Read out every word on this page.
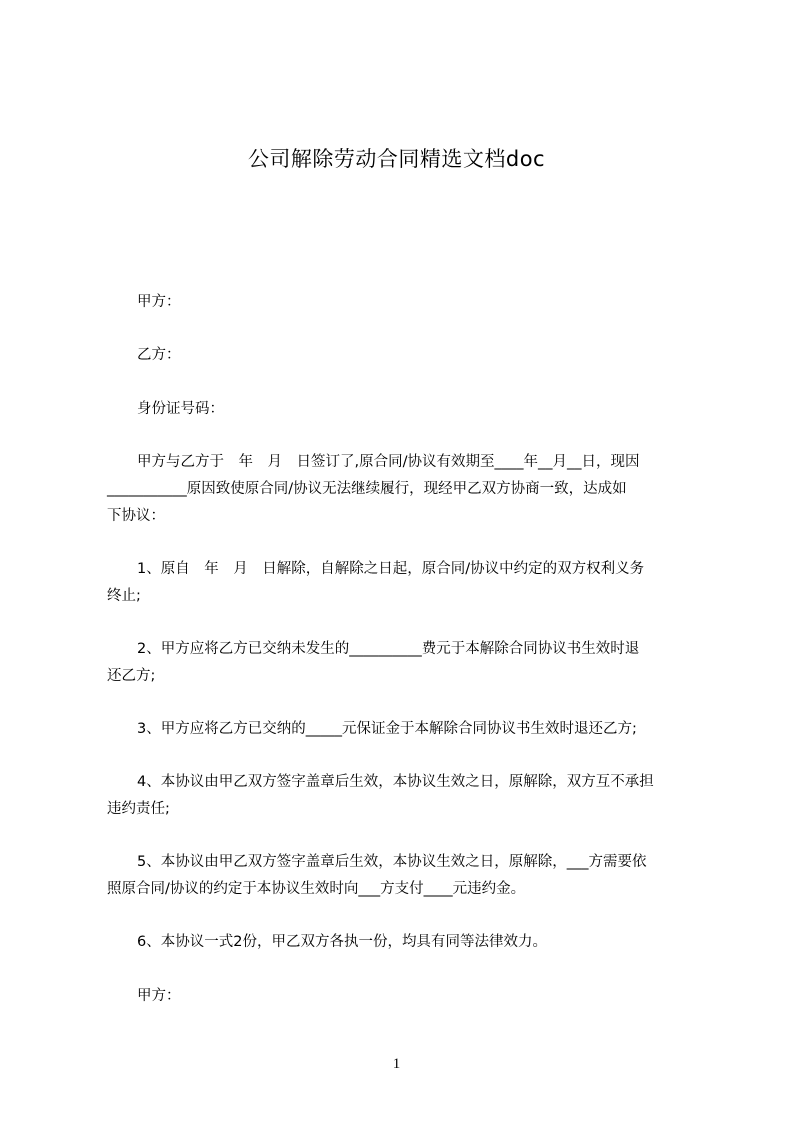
公司解除劳动合同精选文档doc
甲方：
乙方：
身份证号码：
甲方与乙方于　年　月　日签订了,原合同/协议有效期至____年__月__日，现因
___________原因致使原合同/协议无法继续履行，现经甲乙双方协商一致，达成如
下协议：
1、原自　年　月　日解除，自解除之日起，原合同/协议中约定的双方权利义务
终止;
2、甲方应将乙方已交纳未发生的__________费元于本解除合同协议书生效时退
还乙方;
3、甲方应将乙方已交纳的_____元保证金于本解除合同协议书生效时退还乙方;
4、本协议由甲乙双方签字盖章后生效，本协议生效之日，原解除，双方互不承担
违约责任;
5、本协议由甲乙双方签字盖章后生效，本协议生效之日，原解除，___方需要依
照原合同/协议的约定于本协议生效时向___方支付____元违约金。
6、本协议一式2份，甲乙双方各执一份，均具有同等法律效力。
甲方：
1
